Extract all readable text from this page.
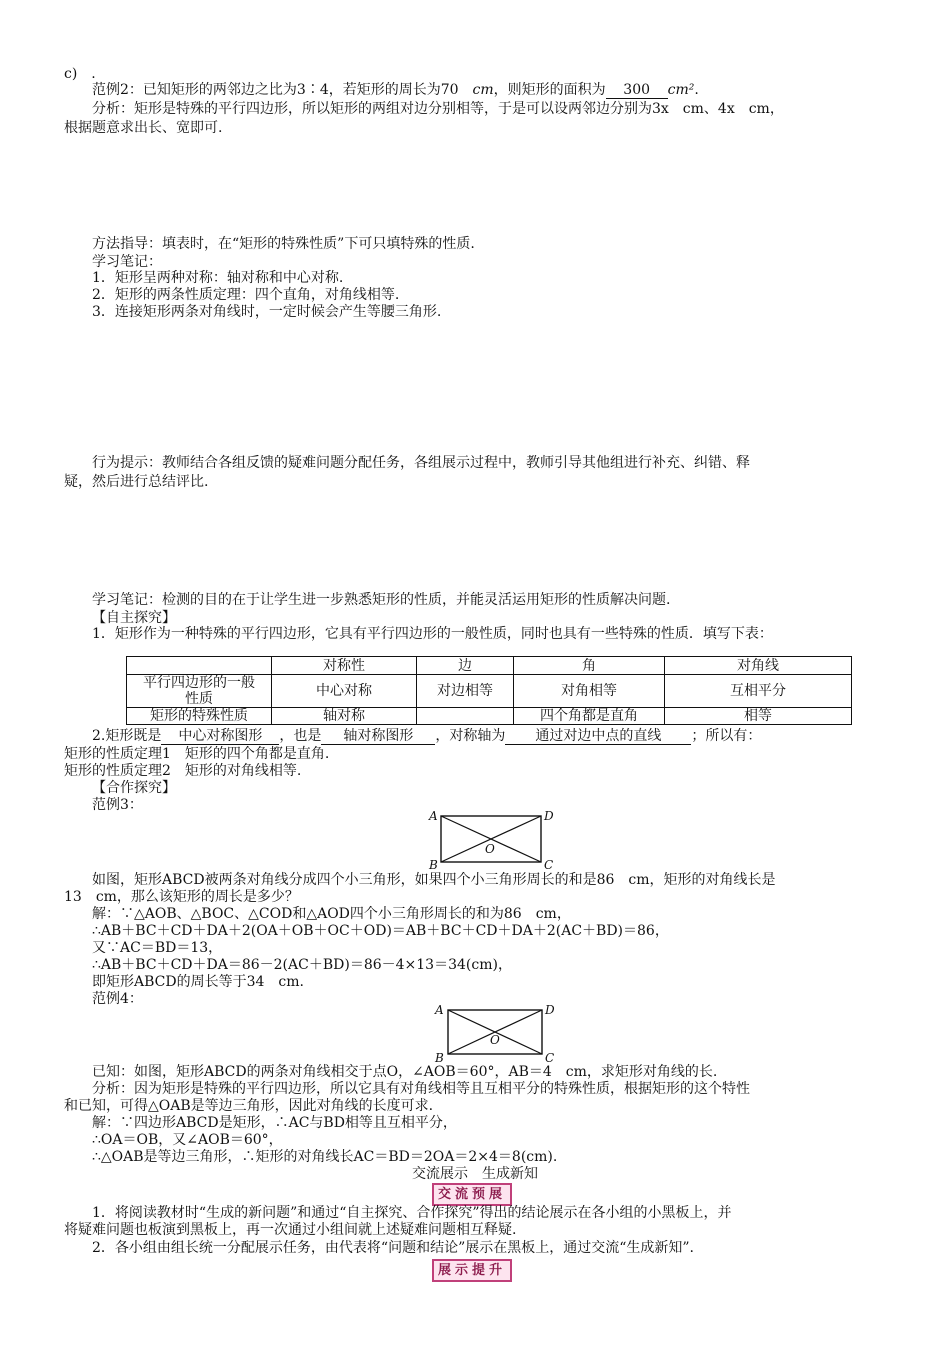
c)　.
范例2：已知矩形的两邻边之比为3∶4，若矩形的周长为70　cm，则矩形的面积为 300 cm².
分析：矩形是特殊的平行四边形，所以矩形的两组对边分别相等，于是可以设两邻边分别为3x　cm、4x　cm，
根据题意求出长、宽即可.
方法指导：填表时，在“矩形的特殊性质”下可只填特殊的性质.
学习笔记：
1．矩形呈两种对称：轴对称和中心对称.
2．矩形的两条性质定理：四个直角，对角线相等.
3．连接矩形两条对角线时，一定时候会产生等腰三角形.
行为提示：教师结合各组反馈的疑难问题分配任务，各组展示过程中，教师引导其他组进行补充、纠错、释
疑，然后进行总结评比.
学习笔记：检测的目的在于让学生进一步熟悉矩形的性质，并能灵活运用矩形的性质解决问题.
【自主探究】
1．矩形作为一种特殊的平行四边形，它具有平行四边形的一般性质，同时也具有一些特殊的性质．填写下表：
	对称性	边	角	对角线

平行四边形的一般性质	中心对称	对边相等	对角相等	互相平分
矩形的特殊性质	轴对称		四个角都是直角	相等
2.矩形既是 中心对称图形 ，也是 轴对称图形 ，对称轴为 通过对边中点的直线 ；所以有：
矩形的性质定理1　矩形的四个角都是直角.
矩形的性质定理2　矩形的对角线相等.
【合作探究】
范例3：
A	D
B	C
O
如图，矩形ABCD被两条对角线分成四个小三角形，如果四个小三角形周长的和是86　cm，矩形的对角线长是
13　cm，那么该矩形的周长是多少？
解：∵△AOB、△BOC、△COD和△AOD四个小三角形周长的和为86　cm，
∴AB＋BC＋CD＋DA＋2(OA＋OB＋OC＋OD)＝AB＋BC＋CD＋DA＋2(AC＋BD)＝86，
又∵AC＝BD＝13，
∴AB＋BC＋CD＋DA＝86－2(AC＋BD)＝86－4×13＝34(cm)，
即矩形ABCD的周长等于34　cm.
范例4：
A	D
B	C
O
已知：如图，矩形ABCD的两条对角线相交于点O，∠AOB＝60°，AB＝4　cm，求矩形对角线的长.
分析：因为矩形是特殊的平行四边形，所以它具有对角线相等且互相平分的特殊性质，根据矩形的这个特性
和已知，可得△OAB是等边三角形，因此对角线的长度可求.
解：∵四边形ABCD是矩形，∴AC与BD相等且互相平分，
∴OA＝OB，又∠AOB＝60°，
∴△OAB是等边三角形，∴矩形的对角线长AC＝BD＝2OA＝2×4＝8(cm).
交流展示　生成新知
交流预展
1．将阅读教材时“生成的新问题”和通过“自主探究、合作探究”得出的结论展示在各小组的小黑板上，并
将疑难问题也板演到黑板上，再一次通过小组间就上述疑难问题相互释疑.
2．各小组由组长统一分配展示任务，由代表将“问题和结论”展示在黑板上，通过交流“生成新知”.
展示提升
